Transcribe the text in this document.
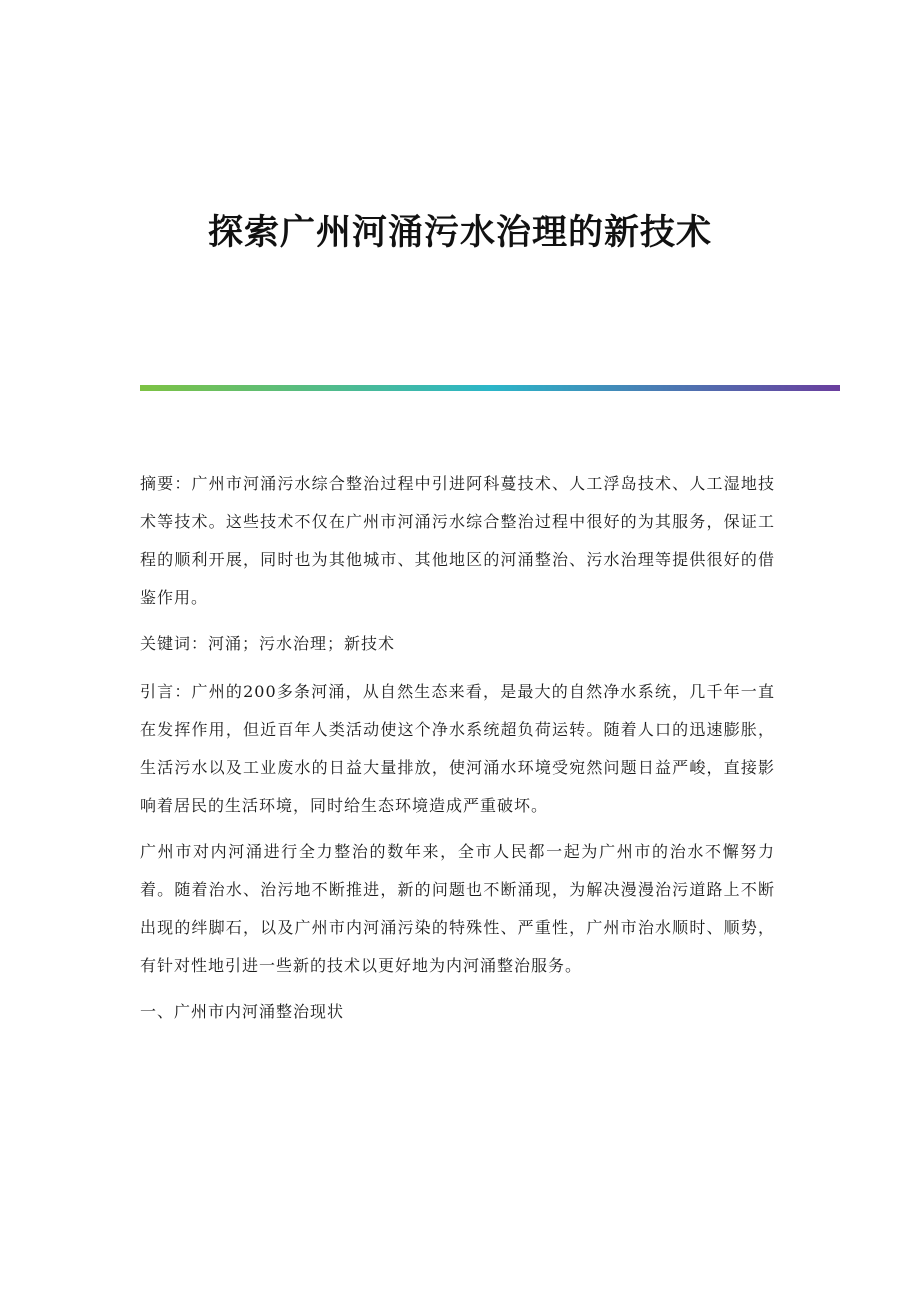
探索广州河涌污水治理的新技术

摘要：广州市河涌污水综合整治过程中引进阿科蔓技术、人工浮岛技术、人工湿地技术等技术。这些技术不仅在广州市河涌污水综合整治过程中很好的为其服务，保证工程的顺利开展，同时也为其他城市、其他地区的河涌整治、污水治理等提供很好的借鉴作用。

关键词：河涌；污水治理；新技术

引言：广州的200多条河涌，从自然生态来看，是最大的自然净水系统，几千年一直在发挥作用，但近百年人类活动使这个净水系统超负荷运转。随着人口的迅速膨胀，生活污水以及工业废水的日益大量排放，使河涌水环境受宛然问题日益严峻，直接影响着居民的生活环境，同时给生态环境造成严重破坏。

广州市对内河涌进行全力整治的数年来，全市人民都一起为广州市的治水不懈努力着。随着治水、治污地不断推进，新的问题也不断涌现，为解决漫漫治污道路上不断出现的绊脚石，以及广州市内河涌污染的特殊性、严重性，广州市治水顺时、顺势，有针对性地引进一些新的技术以更好地为内河涌整治服务。

一、广州市内河涌整治现状
